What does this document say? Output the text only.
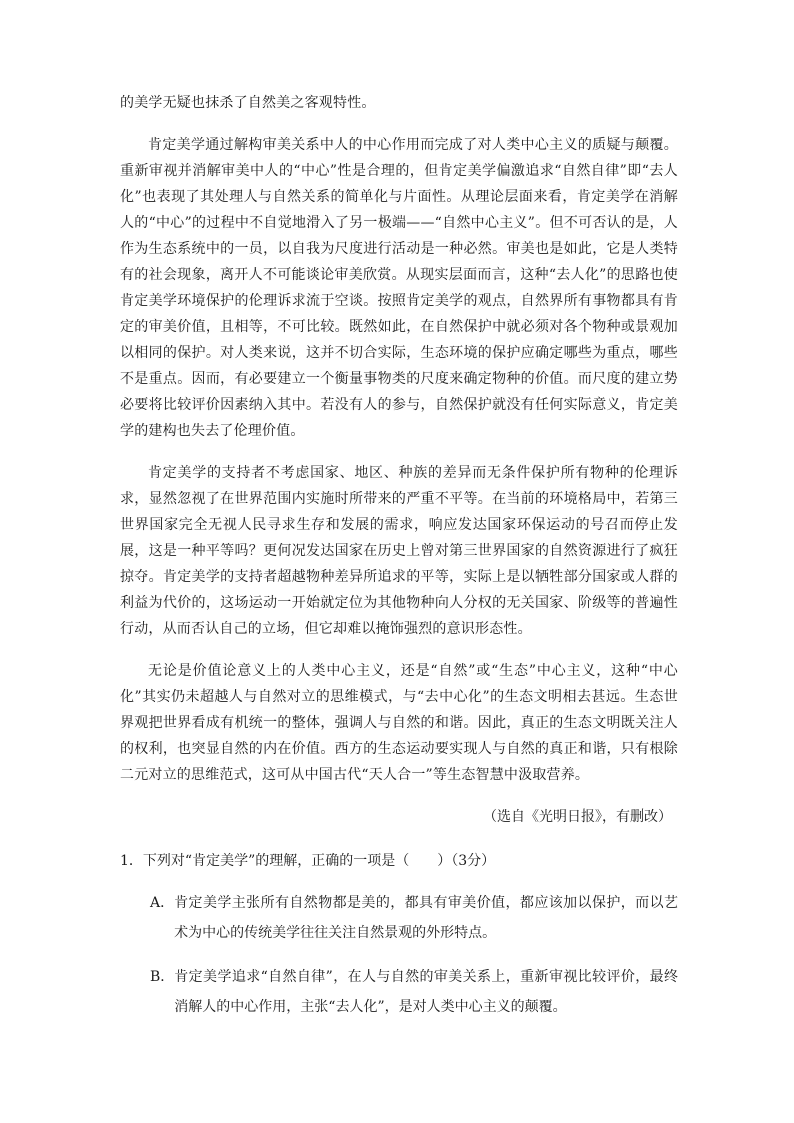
的美学无疑也抹杀了自然美之客观特性。

肯定美学通过解构审美关系中人的中心作用而完成了对人类中心主义的质疑与颠覆。重新审视并消解审美中人的“中心”性是合理的，但肯定美学偏激追求“自然自律”即“去人化”也表现了其处理人与自然关系的简单化与片面性。从理论层面来看，肯定美学在消解人的“中心”的过程中不自觉地滑入了另一极端——“自然中心主义”。但不可否认的是，人作为生态系统中的一员，以自我为尺度进行活动是一种必然。审美也是如此，它是人类特有的社会现象，离开人不可能谈论审美欣赏。从现实层面而言，这种“去人化”的思路也使肯定美学环境保护的伦理诉求流于空谈。按照肯定美学的观点，自然界所有事物都具有肯定的审美价值，且相等，不可比较。既然如此，在自然保护中就必须对各个物种或景观加以相同的保护。对人类来说，这并不切合实际，生态环境的保护应确定哪些为重点，哪些不是重点。因而，有必要建立一个衡量事物类的尺度来确定物种的价值。而尺度的建立势必要将比较评价因素纳入其中。若没有人的参与，自然保护就没有任何实际意义，肯定美学的建构也失去了伦理价值。

肯定美学的支持者不考虑国家、地区、种族的差异而无条件保护所有物种的伦理诉求，显然忽视了在世界范围内实施时所带来的严重不平等。在当前的环境格局中，若第三世界国家完全无视人民寻求生存和发展的需求，响应发达国家环保运动的号召而停止发展，这是一种平等吗？更何况发达国家在历史上曾对第三世界国家的自然资源进行了疯狂掠夺。肯定美学的支持者超越物种差异所追求的平等，实际上是以牺牲部分国家或人群的利益为代价的，这场运动一开始就定位为其他物种向人分权的无关国家、阶级等的普遍性行动，从而否认自己的立场，但它却难以掩饰强烈的意识形态性。

无论是价值论意义上的人类中心主义，还是“自然”或“生态”中心主义，这种“中心化”其实仍未超越人与自然对立的思维模式，与“去中心化”的生态文明相去甚远。生态世界观把世界看成有机统一的整体，强调人与自然的和谐。因此，真正的生态文明既关注人的权利，也突显自然的内在价值。西方的生态运动要实现人与自然的真正和谐，只有根除二元对立的思维范式，这可从中国古代“天人合一”等生态智慧中汲取营养。

（选自《光明日报》，有删改）

1．下列对“肯定美学”的理解，正确的一项是（　　）（3分）

A． 肯定美学主张所有自然物都是美的，都具有审美价值，都应该加以保护，而以艺术为中心的传统美学往往关注自然景观的外形特点。
B． 肯定美学追求“自然自律”，在人与自然的审美关系上，重新审视比较评价，最终消解人的中心作用，主张“去人化”，是对人类中心主义的颠覆。
